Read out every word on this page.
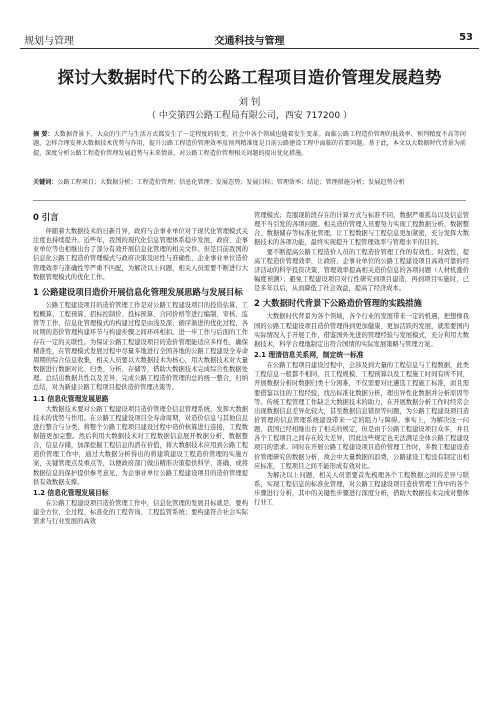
规划与管理	交通科技与管理	53
探讨大数据时代下的公路工程项目造价管理发展趋势
刘 钊
（ 中交第四公路工程局有限公司，西安 717200 ）
摘 要：大数据背景下，大众的生产与生活方式都发生了一定程度的转变，社会中各个领域也随着发生变革。面临公路工程造价管理的低效率、预判精度不高等问题，怎样合理发挥大数据技术优势与作用，提升公路工程造价管理效率及预判精准度是目前公路建设工程中面临的首要问题。基于此，本文以大数据时代背景为前提，深度分析公路工程造价管理发展趋势与未来情景，对公路工程造价管理相关问题的提出优化措施。
关键词：公路工程项目；大数据分析；工程造价管理；信息化管理；发展态势；发展目标；管理效率；结论；管理措施分析；发展趋势分析
0 引言

伴随着大数据技术的日新月异，政府与企事业单位对于现代化管理模式关注度也持续提升。近些年，我国的现代化信息管理体系稳步发展，政府、企事业单位等也相继出台了部分有效开展信息化管理的相关文件。但是目前我国的信息化公路工程造价管理模式与政府决策及时性与准确性、企业事业单位造价管理效率与准确性等严重不匹配，为解决以上问题，相关人员需要不断进行大数据管理模式的优化工作。

1 公路建设项目造价开展信息化管理发展思路与发展目标

公路工程建设项目的造价管理工作是对公路工程建设项目的投资估算、工程概算、工程预算、招标控制价、投标预算、合同价格等进行编制、审核、监管等工作，信息化管理模式的构建过程是由浅及深、循序渐进的优化过程，各时期的造价管理构建环节与构建步骤之间环环相扣。进一步工作与后面的工作存在一定的关联性。为保证公路工程建设项目的造价管理能适应多样性，确保精准性，在管理模式发展过程中尽量多地进行全国各地的公路工程建设全寿命周期的综合信息收集，相关人员要以大数据技术为核心，用大数据技术对大量数据进行数据对比、归类、分析、存储等，借助大数据技术完成综合性数据处理。总结出数据共性以及差异，完成公路工程造价管理的总的统一整合，归纳总结，对为新建公路工程项目提供造价管理决策等。

1.1 信息化管理发展思路

大数据技术要对公路工程建设项目造价管理全信息管理系统，发挥大数据技术的优势与作用。在公路工程建设项目全寿命周期，对造价信息与其他信息进行整合与分类，将整个公路工程项目建设过程中造价核算进行连接，工程数据链更加完整。然后利用大数据技术对工程数据信息展开数据分析、数据整合，信息存储，加深挖掘工程信息的潜在价值，将大数据技术应用到公路工程造价管理工作中，通过大数据分析得出的将建筑建设工程造价管理的实施方案，关键管理点及重点等，以便政府部门做出精准决策提供科学、准确、或将数据信息的保护提供参考意见，为企事业单位公路工程建设项目的造价管理提供有效数据支撑。

1.2 信息化管理发展目标

在公路工程建设项目造价管理工作中，信息化管理的发展目标就是，要构建全方位、全过程、标准化的工程咨询、工程监管系统；要构建符合社会实际需求与行业发展的高效

管理模式；克服现阶段存在的计算方式与标准不同，数据严重孤岛以及信息管理不当引发的各项问题。相关造价管理人员要努力实现工程数据分析、数据整合、数据储存等标准化管理，让工程数据与工程信息更加紧密，充分发挥大数据技术的各项功能，最终实现提升工程管理效率与管理水平的目的。

要不断提高公路工程造价人员的工程造价管理工作的有效性、时效性，提高工程造价管理效率，让政府、企事业单位的公路工程建设项目高效可靠的经济活动的科学投资决策、管理效率提高相关造价信息的各项问题（人材机涨价幅度预测）；避免工程建设项目对行性研究到项目建造，再到项目实施时，已是多年以后，从而降低了社会效益，提高了经济成本。

2 大数据时代背景下公路造价管理的实践措施

大数据时代背景为各个领域，各个行业的发展带来一定的机遇，把想像我国的公路工程建设项目造价管理得到更加健康、更加活跃的发展，就需要国内实际情况入手开展工作，借鉴国外先进的管理经验与发展模式，充分利用大数据技术，科学合理地制定出符合国情的实际发展策略与管理方案。

2.1 理清信息关系网，制定统一标准

在公路工程项目建设过程中，会涉及到大量的工程信息与工程数据，此类工程信息一般都不相同，且工程规模、工程预算以及工程施工时间有所不同，开展数据分析时数据归类十分困难，不仅需要对比遴选工程施工标准，而且需要借鉴以往的工程经验，找出标准化数据分析，理出异性化数据并分析原因等等。传统工程管理工作缺乏大数据技术的助力，在开展数据分析工作时经常会出现数据信息差异化较大，甚至数据信息错误等问题，为公路工程建设项目造价管理的信息管理系统建设带来一定的阻力与障碍。事实上，为解决这一问题，我国已经相继出台了相关的规定，但是由于公路工程建设项目众多，并且各个工程项目之间存在较大差异，因此这些规定也无法满足全体公路工程建设项目的需求。同时在开展公路工程建设项目造价管理工作时，多数工程建设造价管理研究的数据分析，故会中大量数据的浪费，公路建设工程没有制定出相应标准，工程项目之间不能形成有效对比。

为解决以上问题，相关人员需要首先梳理各个工程数据之间的差异与联系，实现工程信息的标准化管理，对公路工程建设项目造价管理工作中的各个步骤进行分析，其中的关键性步骤进行深度分析，借助大数据技术完成对整体行业工
